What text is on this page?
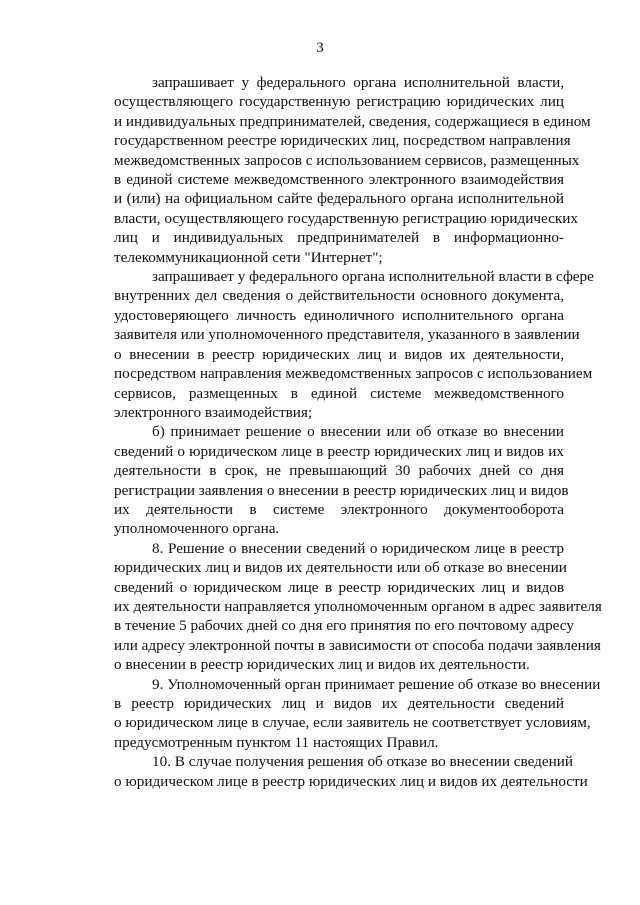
3
запрашивает у федерального органа исполнительной власти,
осуществляющего государственную регистрацию юридических лиц
и индивидуальных предпринимателей, сведения, содержащиеся в едином
государственном реестре юридических лиц, посредством направления
межведомственных запросов с использованием сервисов, размещенных
в единой системе межведомственного электронного взаимодействия
и (или) на официальном сайте федерального органа исполнительной
власти, осуществляющего государственную регистрацию юридических
лиц и индивидуальных предпринимателей в информационно-
телекоммуникационной сети "Интернет";
запрашивает у федерального органа исполнительной власти в сфере
внутренних дел сведения о действительности основного документа,
удостоверяющего личность единоличного исполнительного органа
заявителя или уполномоченного представителя, указанного в заявлении
о внесении в реестр юридических лиц и видов их деятельности,
посредством направления межведомственных запросов с использованием
сервисов, размещенных в единой системе межведомственного
электронного взаимодействия;
б) принимает решение о внесении или об отказе во внесении
сведений о юридическом лице в реестр юридических лиц и видов их
деятельности в срок, не превышающий 30 рабочих дней со дня
регистрации заявления о внесении в реестр юридических лиц и видов
их деятельности в системе электронного документооборота
уполномоченного органа.
8. Решение о внесении сведений о юридическом лице в реестр
юридических лиц и видов их деятельности или об отказе во внесении
сведений о юридическом лице в реестр юридических лиц и видов
их деятельности направляется уполномоченным органом в адрес заявителя
в течение 5 рабочих дней со дня его принятия по его почтовому адресу
или адресу электронной почты в зависимости от способа подачи заявления
о внесении в реестр юридических лиц и видов их деятельности.
9. Уполномоченный орган принимает решение об отказе во внесении
в реестр юридических лиц и видов их деятельности сведений
о юридическом лице в случае, если заявитель не соответствует условиям,
предусмотренным пунктом 11 настоящих Правил.
10. В случае получения решения об отказе во внесении сведений
о юридическом лице в реестр юридических лиц и видов их деятельности
